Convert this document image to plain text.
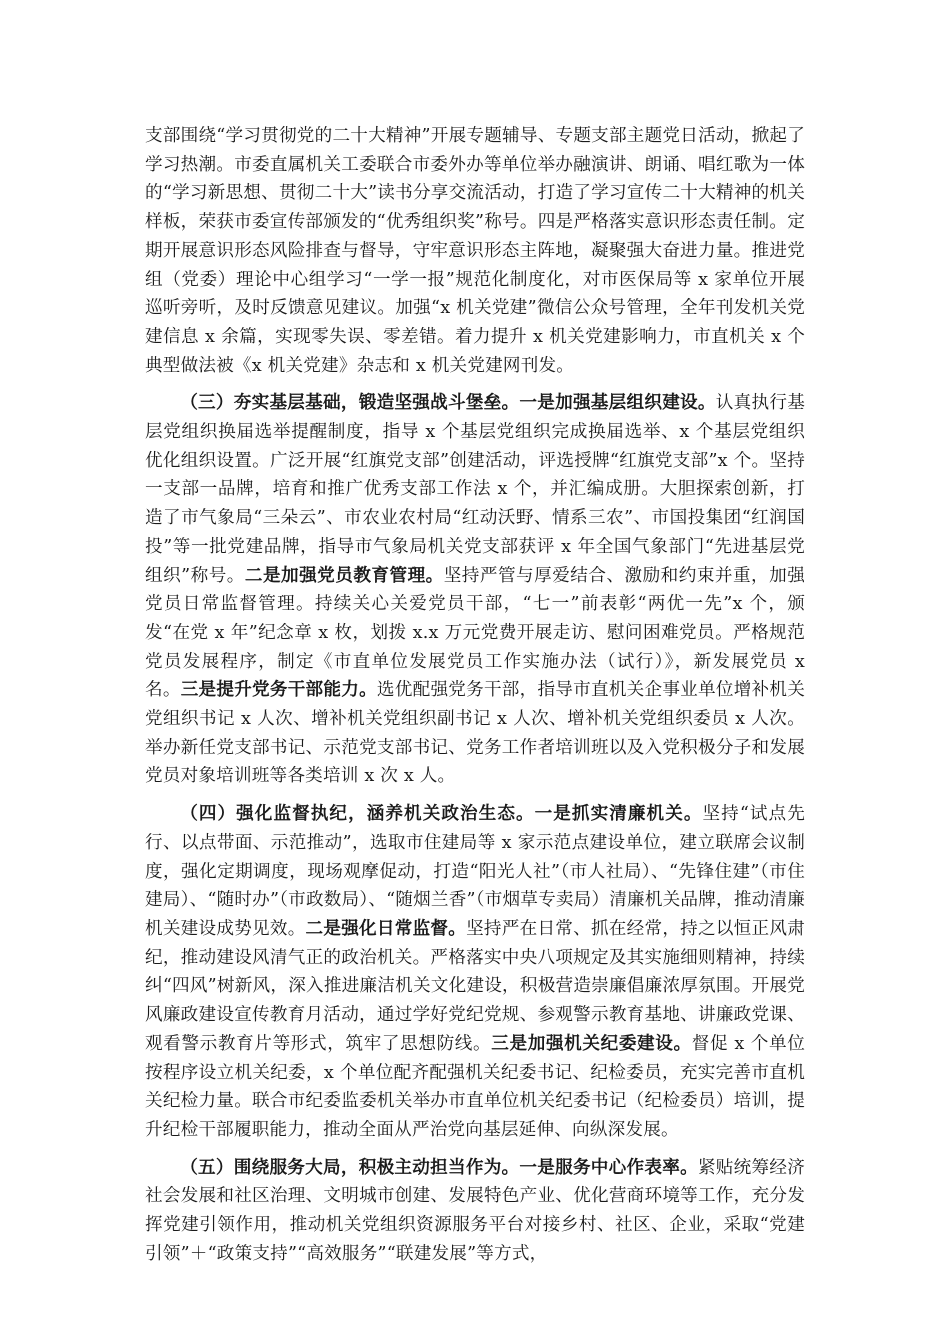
支部围绕“学习贯彻党的二十大精神”开展专题辅导、专题支部主题党日活动，掀起了学习热潮。市委直属机关工委联合市委外办等单位举办融演讲、朗诵、唱红歌为一体的“学习新思想、贯彻二十大”读书分享交流活动，打造了学习宣传二十大精神的机关样板，荣获市委宣传部颁发的“优秀组织奖”称号。四是严格落实意识形态责任制。定期开展意识形态风险排查与督导，守牢意识形态主阵地，凝聚强大奋进力量。推进党组（党委）理论中心组学习“一学一报”规范化制度化，对市医保局等 x 家单位开展巡听旁听，及时反馈意见建议。加强“x 机关党建”微信公众号管理，全年刊发机关党建信息 x 余篇，实现零失误、零差错。着力提升 x 机关党建影响力，市直机关 x 个典型做法被《x 机关党建》杂志和 x 机关党建网刊发。

（三）夯实基层基础，锻造坚强战斗堡垒。一是加强基层组织建设。认真执行基层党组织换届选举提醒制度，指导 x 个基层党组织完成换届选举、x 个基层党组织优化组织设置。广泛开展“红旗党支部”创建活动，评选授牌“红旗党支部”x 个。坚持一支部一品牌，培育和推广优秀支部工作法 x 个，并汇编成册。大胆探索创新，打造了市气象局“三朵云”、市农业农村局“红动沃野、情系三农”、市国投集团“红润国投”等一批党建品牌，指导市气象局机关党支部获评 x 年全国气象部门“先进基层党组织”称号。二是加强党员教育管理。坚持严管与厚爱结合、激励和约束并重，加强党员日常监督管理。持续关心关爱党员干部，“七一”前表彰“两优一先”x 个，颁发“在党 x 年”纪念章 x 枚，划拨 x.x 万元党费开展走访、慰问困难党员。严格规范党员发展程序，制定《市直单位发展党员工作实施办法（试行）》，新发展党员 x 名。三是提升党务干部能力。选优配强党务干部，指导市直机关企事业单位增补机关党组织书记 x 人次、增补机关党组织副书记 x 人次、增补机关党组织委员 x 人次。举办新任党支部书记、示范党支部书记、党务工作者培训班以及入党积极分子和发展党员对象培训班等各类培训 x 次 x 人。

（四）强化监督执纪，涵养机关政治生态。一是抓实清廉机关。坚持“试点先行、以点带面、示范推动”，选取市住建局等 x 家示范点建设单位，建立联席会议制度，强化定期调度，现场观摩促动，打造“阳光人社”（市人社局）、“先锋住建”（市住建局）、“随时办”（市政数局）、“随烟兰香”（市烟草专卖局）清廉机关品牌，推动清廉机关建设成势见效。二是强化日常监督。坚持严在日常、抓在经常，持之以恒正风肃纪，推动建设风清气正的政治机关。严格落实中央八项规定及其实施细则精神，持续纠“四风”树新风，深入推进廉洁机关文化建设，积极营造崇廉倡廉浓厚氛围。开展党风廉政建设宣传教育月活动，通过学好党纪党规、参观警示教育基地、讲廉政党课、观看警示教育片等形式，筑牢了思想防线。三是加强机关纪委建设。督促 x 个单位按程序设立机关纪委，x 个单位配齐配强机关纪委书记、纪检委员，充实完善市直机关纪检力量。联合市纪委监委机关举办市直单位机关纪委书记（纪检委员）培训，提升纪检干部履职能力，推动全面从严治党向基层延伸、向纵深发展。

（五）围绕服务大局，积极主动担当作为。一是服务中心作表率。紧贴统筹经济社会发展和社区治理、文明城市创建、发展特色产业、优化营商环境等工作，充分发挥党建引领作用，推动机关党组织资源服务平台对接乡村、社区、企业，采取“党建引领”＋“政策支持”“高效服务”“联建发展”等方式，
